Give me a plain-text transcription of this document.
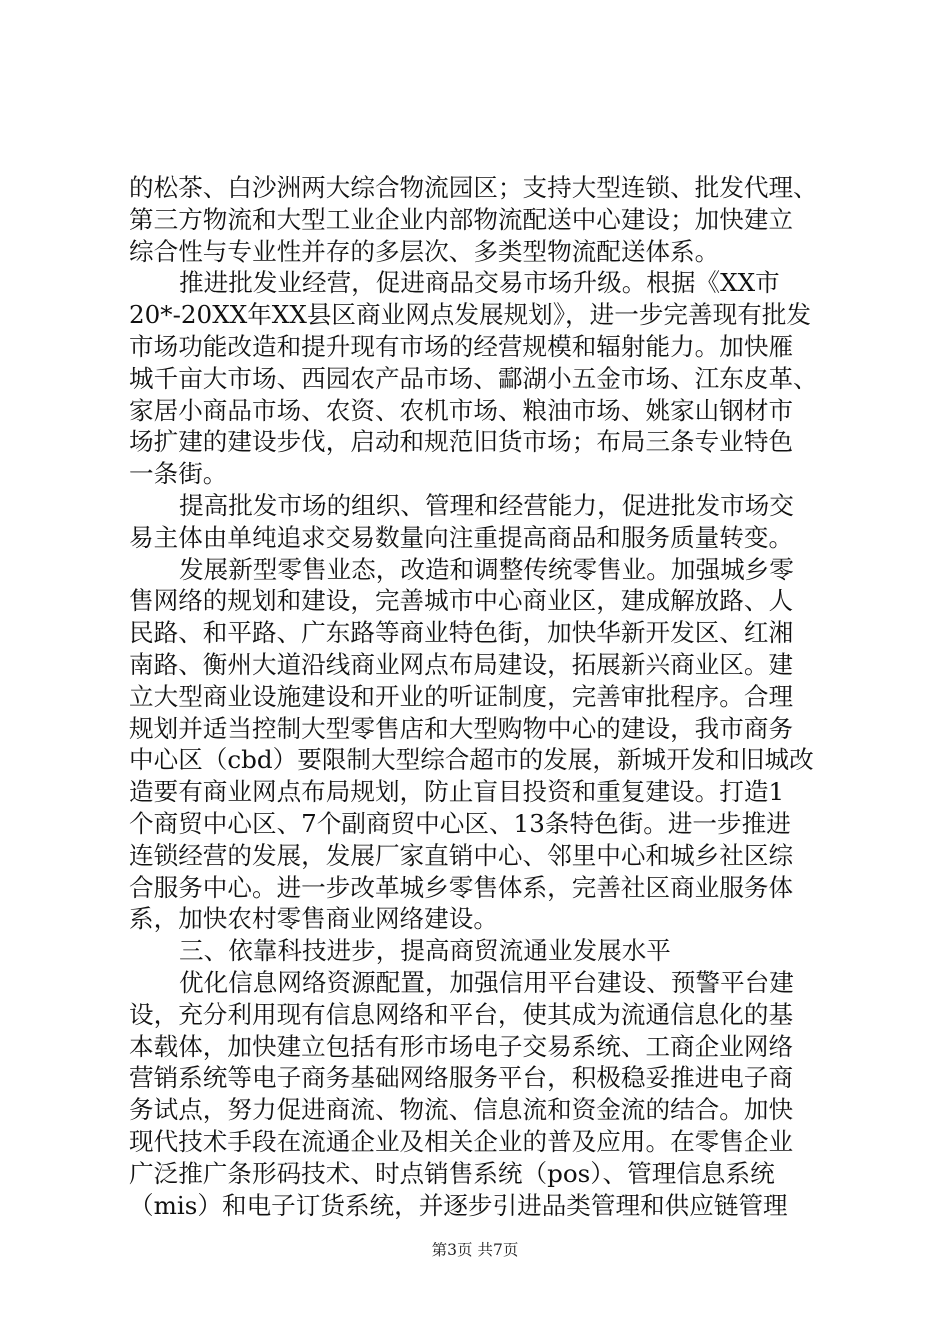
的松茶、白沙洲两大综合物流园区；支持大型连锁、批发代理、
第三方物流和大型工业企业内部物流配送中心建设；加快建立
综合性与专业性并存的多层次、多类型物流配送体系。
推进批发业经营，促进商品交易市场升级。根据《XX市
20*-20XX年XX县区商业网点发展规划》，进一步完善现有批发
市场功能改造和提升现有市场的经营规模和辐射能力。加快雁
城千亩大市场、西园农产品市场、酃湖小五金市场、江东皮革、
家居小商品市场、农资、农机市场、粮油市场、姚家山钢材市
场扩建的建设步伐，启动和规范旧货市场；布局三条专业特色
一条街。
提高批发市场的组织、管理和经营能力，促进批发市场交
易主体由单纯追求交易数量向注重提高商品和服务质量转变。
发展新型零售业态，改造和调整传统零售业。加强城乡零
售网络的规划和建设，完善城市中心商业区，建成解放路、人
民路、和平路、广东路等商业特色街，加快华新开发区、红湘
南路、衡州大道沿线商业网点布局建设，拓展新兴商业区。建
立大型商业设施建设和开业的听证制度，完善审批程序。合理
规划并适当控制大型零售店和大型购物中心的建设，我市商务
中心区（cbd）要限制大型综合超市的发展，新城开发和旧城改
造要有商业网点布局规划，防止盲目投资和重复建设。打造1
个商贸中心区、7个副商贸中心区、13条特色街。进一步推进
连锁经营的发展，发展厂家直销中心、邻里中心和城乡社区综
合服务中心。进一步改革城乡零售体系，完善社区商业服务体
系，加快农村零售商业网络建设。
三、依靠科技进步，提高商贸流通业发展水平
优化信息网络资源配置，加强信用平台建设、预警平台建
设，充分利用现有信息网络和平台，使其成为流通信息化的基
本载体，加快建立包括有形市场电子交易系统、工商企业网络
营销系统等电子商务基础网络服务平台，积极稳妥推进电子商
务试点，努力促进商流、物流、信息流和资金流的结合。加快
现代技术手段在流通企业及相关企业的普及应用。在零售企业
广泛推广条形码技术、时点销售系统（pos）、管理信息系统
（mis）和电子订货系统，并逐步引进品类管理和供应链管理
第3页 共7页
